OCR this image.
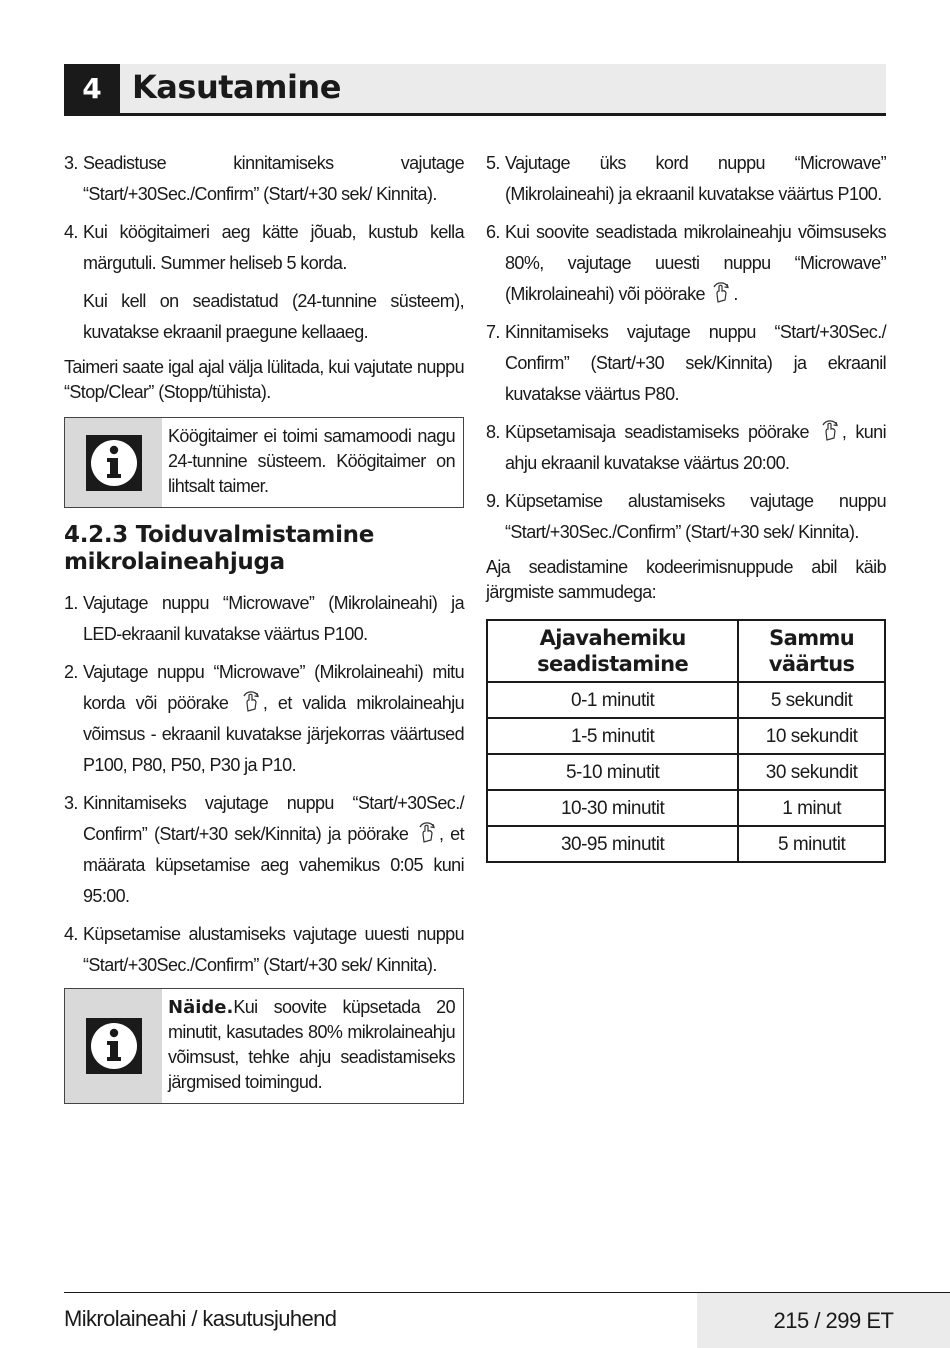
4 Kasutamine
3. Seadistuse kinnitamiseks vajutage “Start/+30Sec./Confirm” (Start/+30 sek/ Kinnita).
4. Kui köögitaimeri aeg kätte jõuab, kustub kella märgutuli. Summer heliseb 5 korda.
Kui kell on seadistatud (24-tunnine süsteem), kuvatakse ekraanil praegune kellaaeg.
Taimeri saate igal ajal välja lülitada, kui vajutate nuppu “Stop/Clear” (Stopp/tühista).
Köögitaimer ei toimi samamoodi nagu 24-tunnine süsteem. Köögitaimer on lihtsalt taimer.
4.2.3 Toiduvalmistamine
mikrolaineahjuga
1. Vajutage nuppu “Microwave” (Mikrolaineahi) ja LED-ekraanil kuvatakse väärtus P100.
2. Vajutage nuppu “Microwave” (Mikrolaineahi) mitu korda või pöörake , et valida mikrolaineahju võimsus - ekraanil kuvatakse järjekorras väärtused P100, P80, P50, P30 ja P10.
3. Kinnitamiseks vajutage nuppu “Start/+30Sec./ Confirm” (Start/+30 sek/Kinnita) ja pöörake , et määrata küpsetamise aeg vahemikus 0:05 kuni 95:00.
4. Küpsetamise alustamiseks vajutage uuesti nuppu “Start/+30Sec./Confirm” (Start/+30 sek/ Kinnita).
Näide.Kui soovite küpsetada 20 minutit, kasutades 80% mikrolaineahju võimsust, tehke ahju seadistamiseks järgmised toimingud.
5. Vajutage üks kord nuppu “Microwave” (Mikrolaineahi) ja ekraanil kuvatakse väärtus P100.
6. Kui soovite seadistada mikrolaineahju võimsuseks 80%, vajutage uuesti nuppu “Microwave” (Mikrolaineahi) või pöörake .
7. Kinnitamiseks vajutage nuppu “Start/+30Sec./ Confirm” (Start/+30 sek/Kinnita) ja ekraanil kuvatakse väärtus P80.
8. Küpsetamisaja seadistamiseks pöörake , kuni ahju ekraanil kuvatakse väärtus 20:00.
9. Küpsetamise alustamiseks vajutage nuppu “Start/+30Sec./Confirm” (Start/+30 sek/ Kinnita).
Aja seadistamine kodeerimisnuppude abil käib järgmiste sammudega:
Ajavahemiku seadistamine	Sammu väärtus
0-1 minutit	5 sekundit
1-5 minutit	10 sekundit
5-10 minutit	30 sekundit
10-30 minutit	1 minut
30-95 minutit	5 minutit
Mikrolaineahi / kasutusjuhend	215 / 299 ET
